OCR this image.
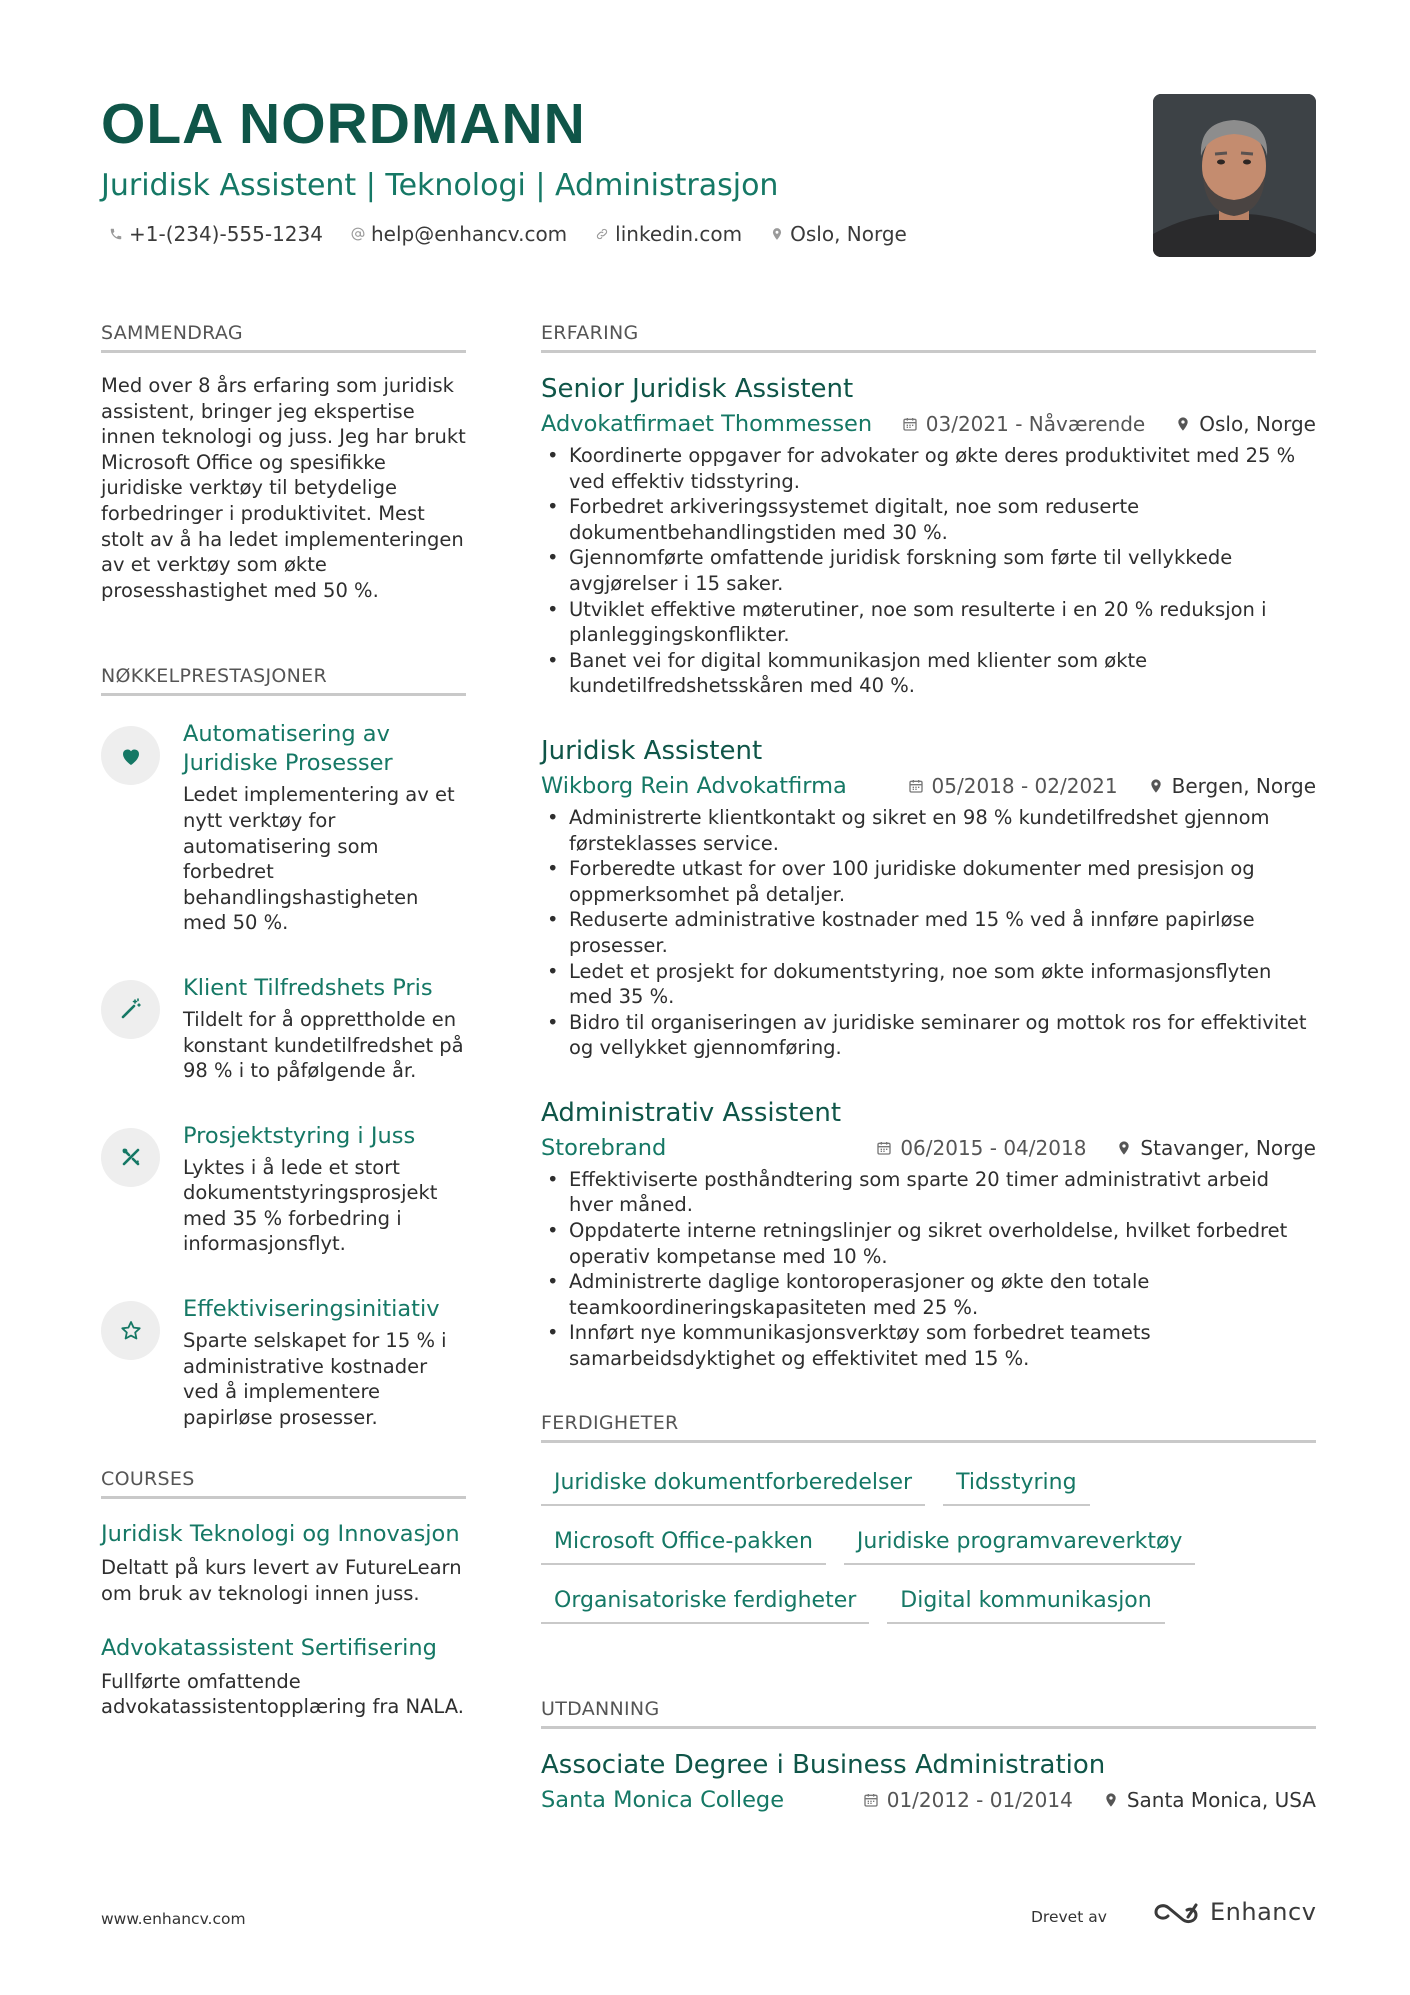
OLA NORDMANN
Juridisk Assistent | Teknologi | Administrasjon
+1-(234)-555-1234 help@enhancv.com linkedin.com Oslo, Norge
SAMMENDRAG
Med over 8 års erfaring som juridisk assistent, bringer jeg ekspertise innen teknologi og juss. Jeg har brukt Microsoft Office og spesifikke juridiske verktøy til betydelige forbedringer i produktivitet. Mest stolt av å ha ledet implementeringen av et verktøy som økte prosesshastighet med 50 %.
NØKKELPRESTASJONER
Automatisering av Juridiske Prosesser
Ledet implementering av et nytt verktøy for automatisering som forbedret behandlingshastigheten med 50 %.
Klient Tilfredshets Pris
Tildelt for å opprettholde en konstant kundetilfredshet på 98 % i to påfølgende år.
Prosjektstyring i Juss
Lyktes i å lede et stort dokumentstyringsprosjekt med 35 % forbedring i informasjonsflyt.
Effektiviseringsinitiativ
Sparte selskapet for 15 % i administrative kostnader ved å implementere papirløse prosesser.
COURSES
Juridisk Teknologi og Innovasjon
Deltatt på kurs levert av FutureLearn om bruk av teknologi innen juss.
Advokatassistent Sertifisering
Fullførte omfattende advokatassistentopplæring fra NALA.
ERFARING
Senior Juridisk Assistent
Advokatfirmaet Thommessen	03/2021 - Nåværende	Oslo, Norge
• Koordinerte oppgaver for advokater og økte deres produktivitet med 25 % ved effektiv tidsstyring.
• Forbedret arkiveringssystemet digitalt, noe som reduserte dokumentbehandlingstiden med 30 %.
• Gjennomførte omfattende juridisk forskning som førte til vellykkede avgjørelser i 15 saker.
• Utviklet effektive møterutiner, noe som resulterte i en 20 % reduksjon i planleggingskonflikter.
• Banet vei for digital kommunikasjon med klienter som økte kundetilfredshetsskåren med 40 %.
Juridisk Assistent
Wikborg Rein Advokatfirma	05/2018 - 02/2021	Bergen, Norge
• Administrerte klientkontakt og sikret en 98 % kundetilfredshet gjennom førsteklasses service.
• Forberedte utkast for over 100 juridiske dokumenter med presisjon og oppmerksomhet på detaljer.
• Reduserte administrative kostnader med 15 % ved å innføre papirløse prosesser.
• Ledet et prosjekt for dokumentstyring, noe som økte informasjonsflyten med 35 %.
• Bidro til organiseringen av juridiske seminarer og mottok ros for effektivitet og vellykket gjennomføring.
Administrativ Assistent
Storebrand	06/2015 - 04/2018	Stavanger, Norge
• Effektiviserte posthåndtering som sparte 20 timer administrativt arbeid hver måned.
• Oppdaterte interne retningslinjer og sikret overholdelse, hvilket forbedret operativ kompetanse med 10 %.
• Administrerte daglige kontoroperasjoner og økte den totale teamkoordineringskapasiteten med 25 %.
• Innført nye kommunikasjonsverktøy som forbedret teamets samarbeidsdyktighet og effektivitet med 15 %.
FERDIGHETER
Juridiske dokumentforberedelser	Tidsstyring
Microsoft Office-pakken	Juridiske programvareverktøy
Organisatoriske ferdigheter	Digital kommunikasjon
UTDANNING
Associate Degree i Business Administration
Santa Monica College	01/2012 - 01/2014	Santa Monica, USA
www.enhancv.com	Drevet av	Enhancv
